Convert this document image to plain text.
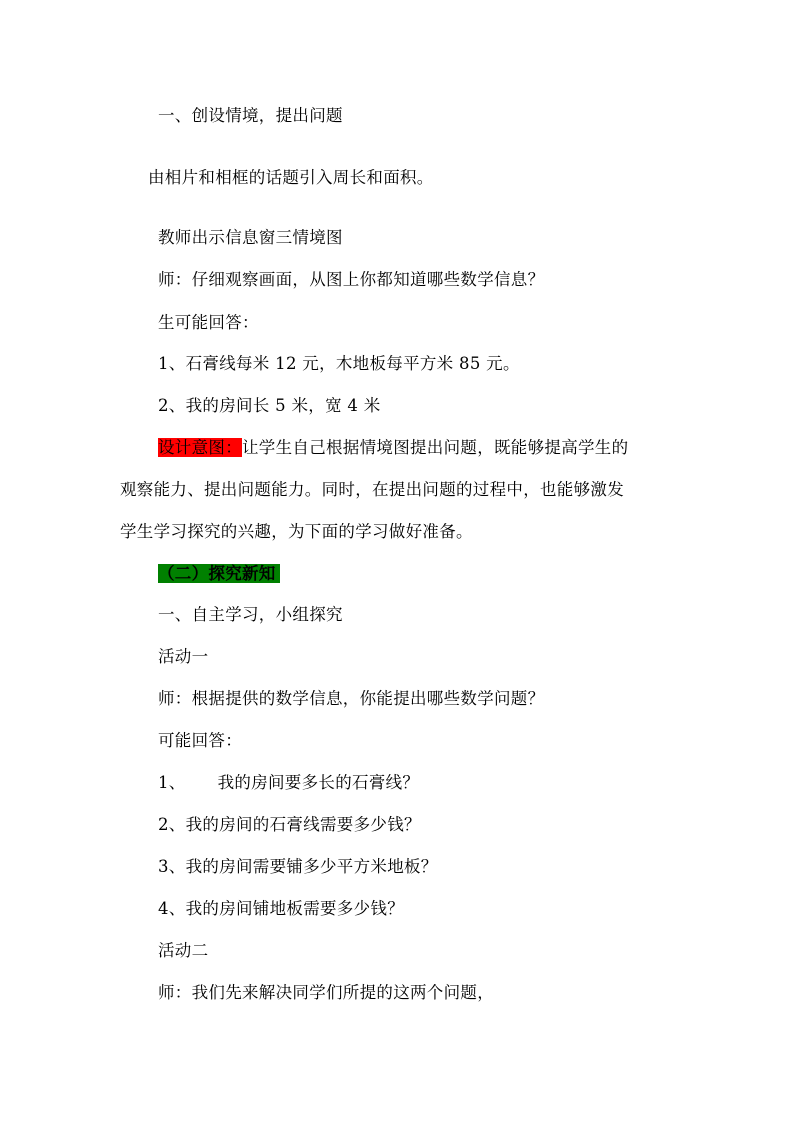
一、创设情境，提出问题
由相片和相框的话题引入周长和面积。
教师出示信息窗三情境图
师：仔细观察画面，从图上你都知道哪些数学信息？
生可能回答：
1、石膏线每米 12 元，木地板每平方米 85 元。
2、我的房间长 5 米，宽 4 米
设计意图：让学生自己根据情境图提出问题，既能够提高学生的
观察能力、提出问题能力。同时，在提出问题的过程中，也能够激发
学生学习探究的兴趣，为下面的学习做好准备。
（二）探究新知
一、自主学习，小组探究
活动一
师：根据提供的数学信息，你能提出哪些数学问题？
可能回答：
1、 我的房间要多长的石膏线？
2、我的房间的石膏线需要多少钱？
3、我的房间需要铺多少平方米地板？
4、我的房间铺地板需要多少钱？
活动二
师：我们先来解决同学们所提的这两个问题，
